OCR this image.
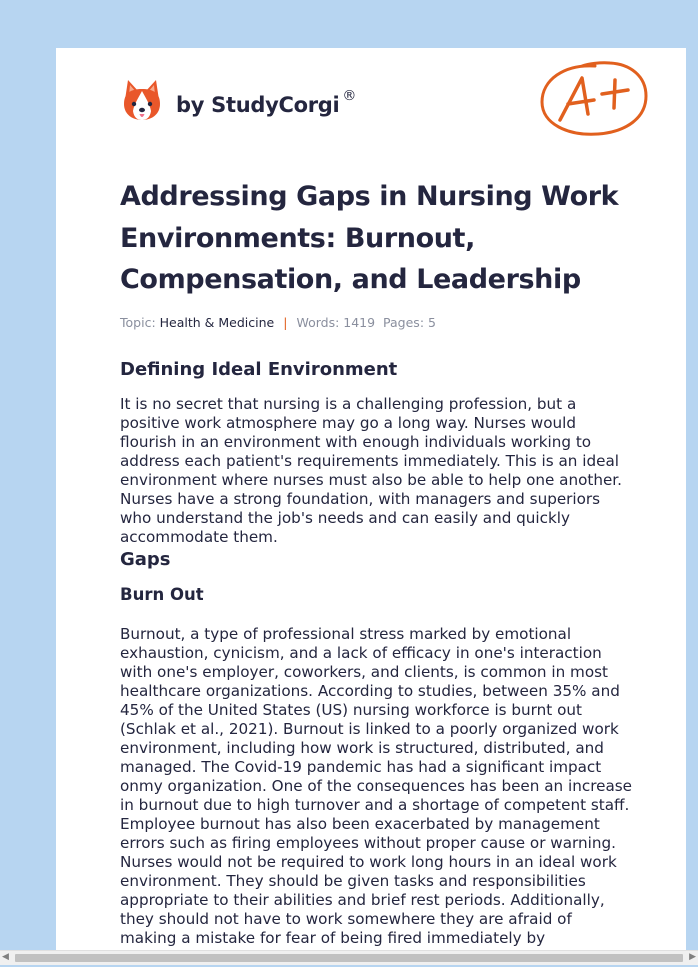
by StudyCorgi ®
Addressing Gaps in Nursing Work Environments: Burnout, Compensation, and Leadership
Topic: Health & Medicine | Words: 1419 Pages: 5
Defining Ideal Environment

It is no secret that nursing is a challenging profession, but a positive work atmosphere may go a long way. Nurses would flourish in an environment with enough individuals working to address each patient's requirements immediately. This is an ideal environment where nurses must also be able to help one another. Nurses have a strong foundation, with managers and superiors who understand the job's needs and can easily and quickly accommodate them.

Gaps
Burn Out

Burnout, a type of professional stress marked by emotional exhaustion, cynicism, and a lack of efficacy in one's interaction with one's employer, coworkers, and clients, is common in most healthcare organizations. According to studies, between 35% and 45% of the United States (US) nursing workforce is burnt out (Schlak et al., 2021). Burnout is linked to a poorly organized work environment, including how work is structured, distributed, and managed. The Covid-19 pandemic has had a significant impact onmy organization. One of the consequences has been an increase in burnout due to high turnover and a shortage of competent staff. Employee burnout has also been exacerbated by management errors such as firing employees without proper cause or warning. Nurses would not be required to work long hours in an ideal work environment. They should be given tasks and responsibilities appropriate to their abilities and brief rest periods. Additionally, they should not have to work somewhere they are afraid of making a mistake for fear of being fired immediately by

◀	▶
